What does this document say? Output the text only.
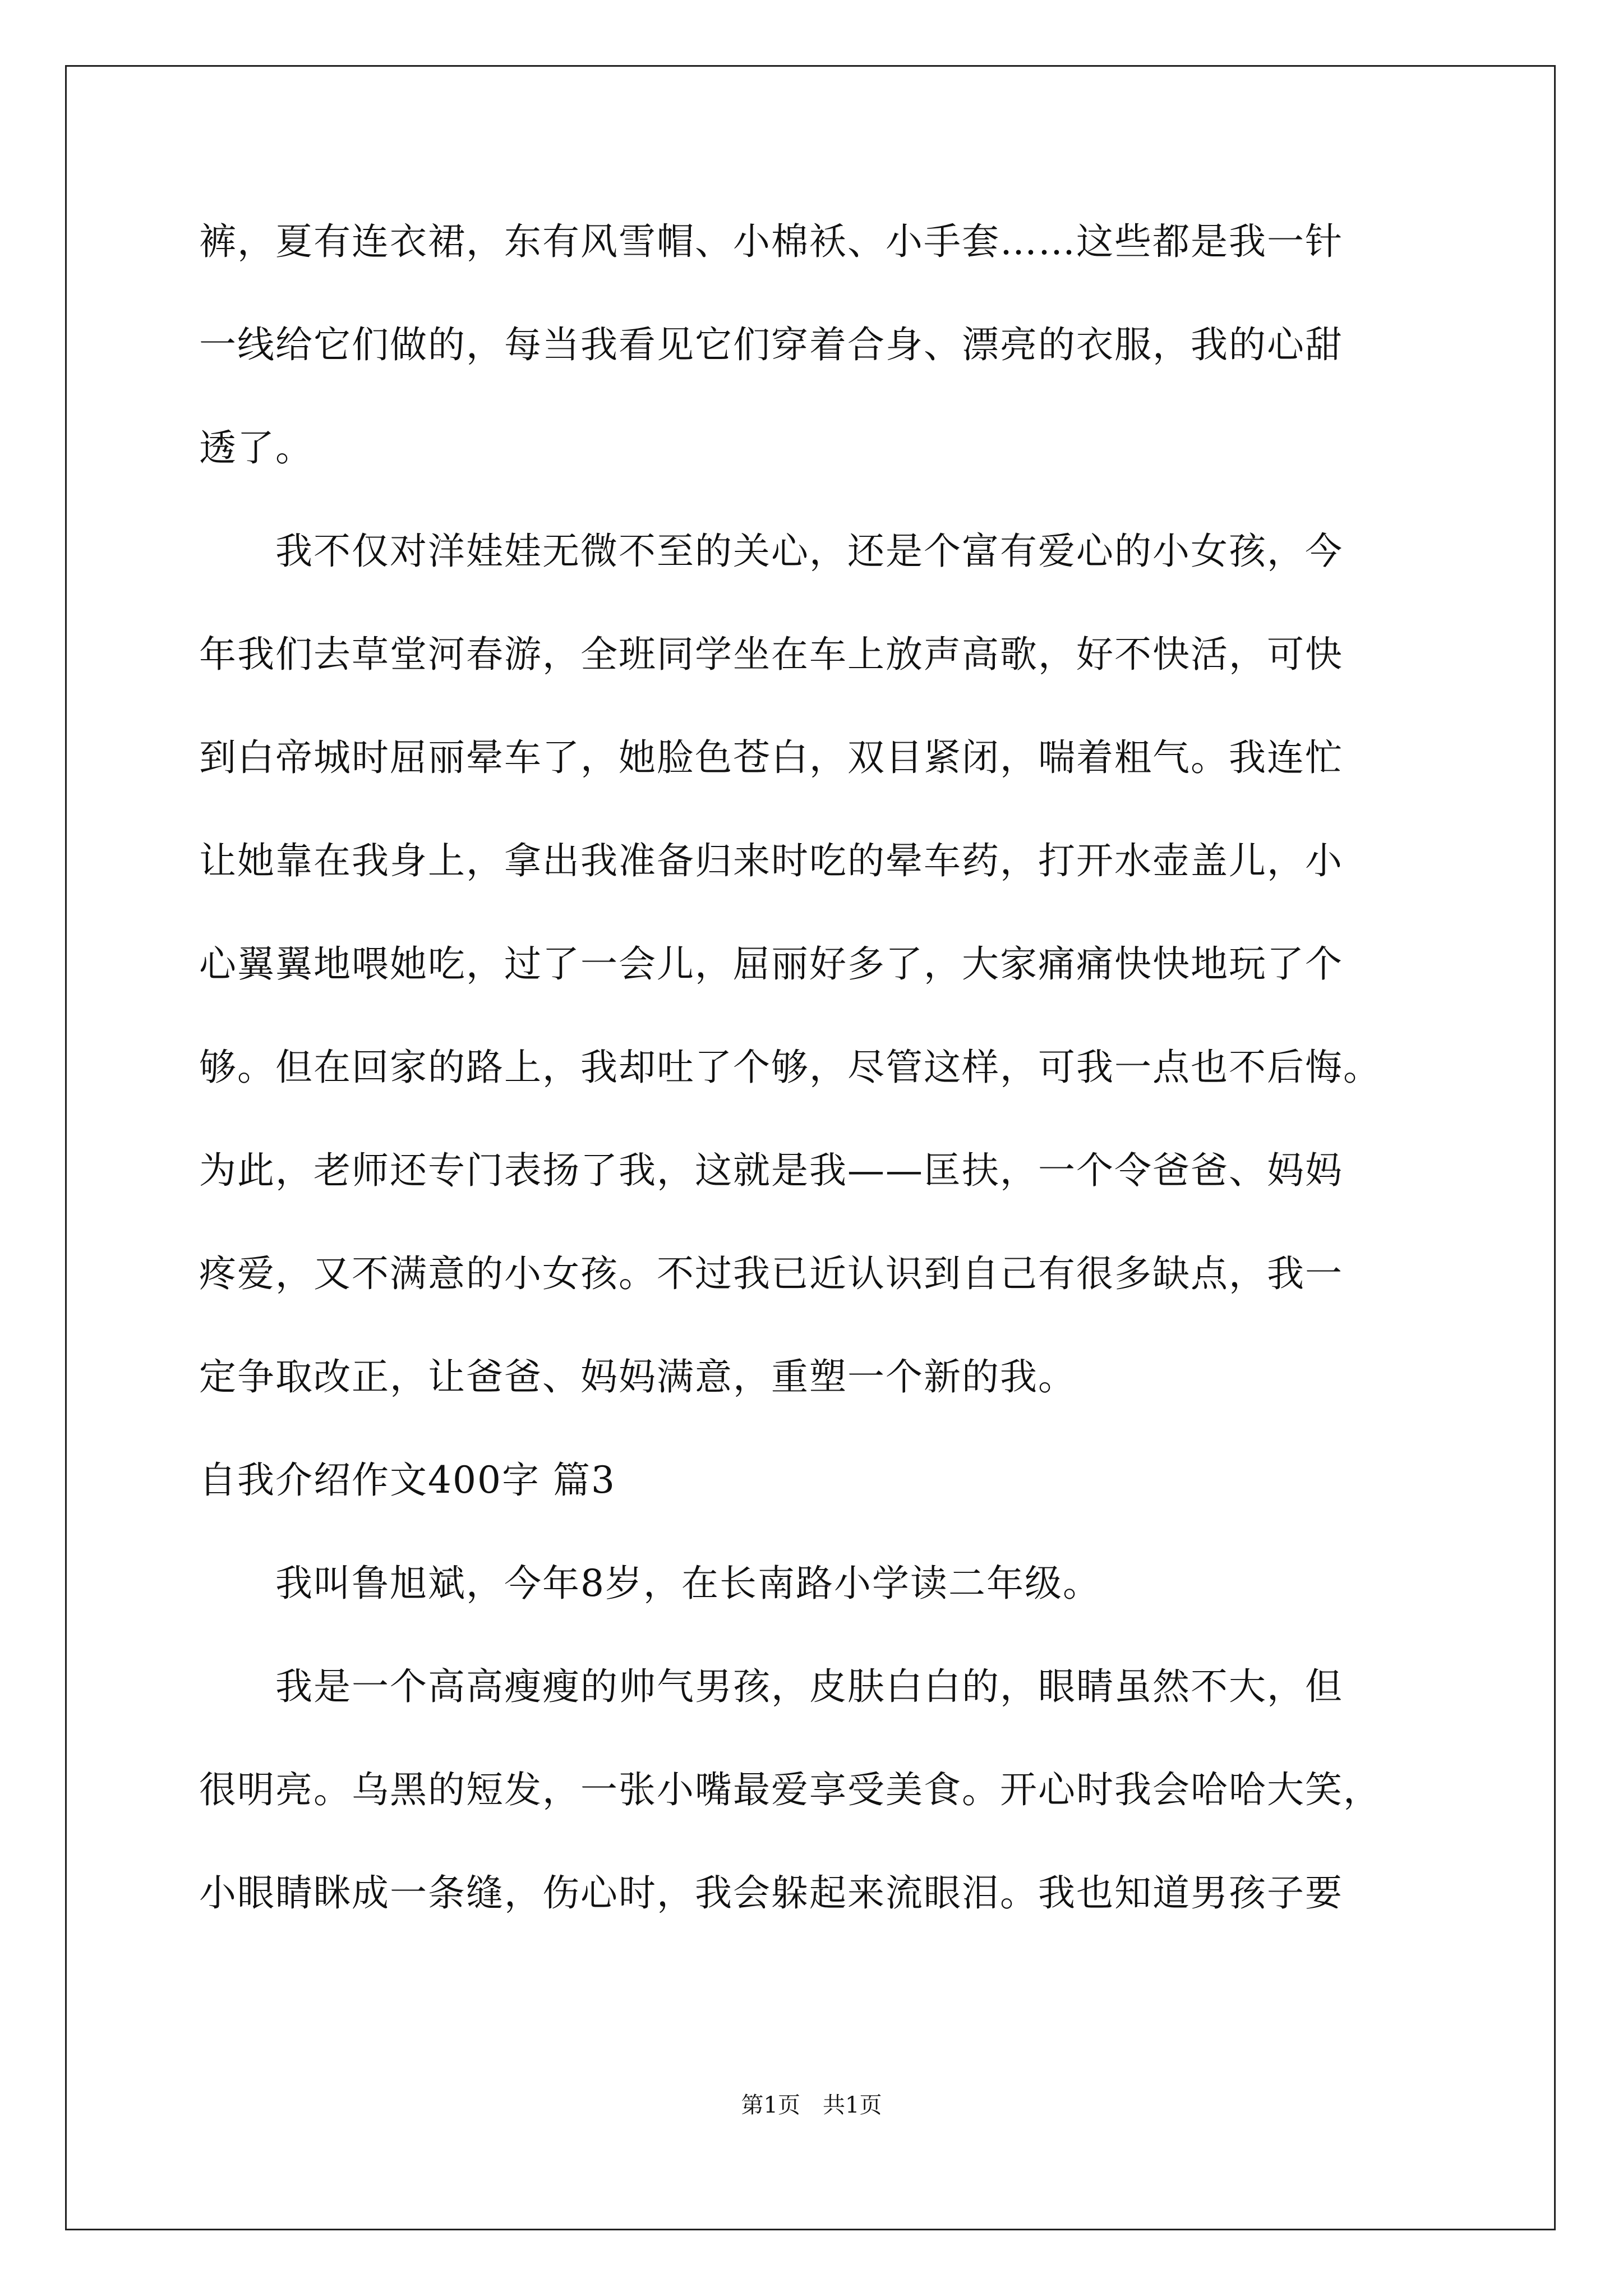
裤，夏有连衣裙，东有风雪帽、小棉袄、小手套……这些都是我一针
一线给它们做的，每当我看见它们穿着合身、漂亮的衣服，我的心甜
透了。
　　我不仅对洋娃娃无微不至的关心，还是个富有爱心的小女孩，今
年我们去草堂河春游，全班同学坐在车上放声高歌，好不快活，可快
到白帝城时屈丽晕车了，她脸色苍白，双目紧闭，喘着粗气。我连忙
让她靠在我身上，拿出我准备归来时吃的晕车药，打开水壶盖儿，小
心翼翼地喂她吃，过了一会儿，屈丽好多了，大家痛痛快快地玩了个
够。但在回家的路上，我却吐了个够，尽管这样，可我一点也不后悔。
为此，老师还专门表扬了我，这就是我——匡扶，一个令爸爸、妈妈
疼爱，又不满意的小女孩。不过我已近认识到自己有很多缺点，我一
定争取改正，让爸爸、妈妈满意，重塑一个新的我。
自我介绍作文400字 篇3
　　我叫鲁旭斌，今年8岁，在长南路小学读二年级。
　　我是一个高高瘦瘦的帅气男孩，皮肤白白的，眼睛虽然不大，但
很明亮。乌黑的短发，一张小嘴最爱享受美食。开心时我会哈哈大笑，
小眼睛眯成一条缝，伤心时，我会躲起来流眼泪。我也知道男孩子要
第1页　共1页
